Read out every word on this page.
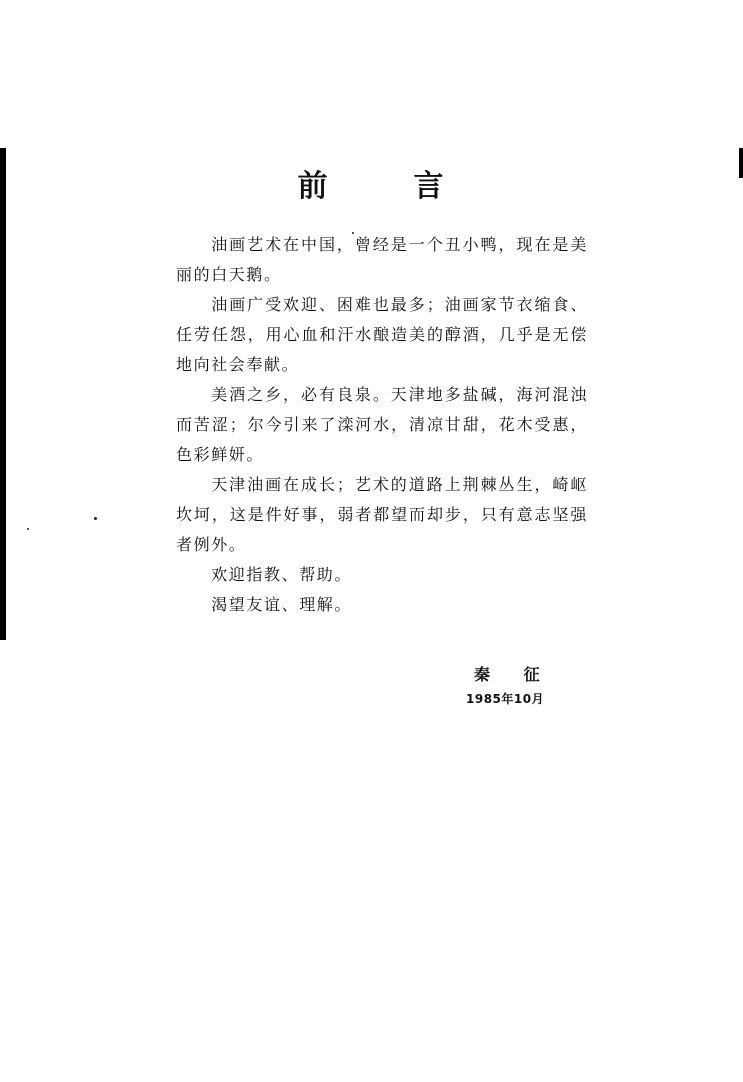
前	言

油画艺术在中国，曾经是一个丑小鸭，现在是美丽的白天鹅。

油画广受欢迎、困难也最多；油画家节衣缩食、任劳任怨，用心血和汗水酿造美的醇酒，几乎是无偿地向社会奉献。

美酒之乡，必有良泉。天津地多盐碱，海河混浊而苦涩；尔今引来了滦河水，清凉甘甜，花木受惠，色彩鲜妍。

天津油画在成长；艺术的道路上荆棘丛生，崎岖坎坷，这是件好事，弱者都望而却步，只有意志坚强者例外。

欢迎指教、帮助。

渴望友谊、理解。

秦 征
1985年10月
